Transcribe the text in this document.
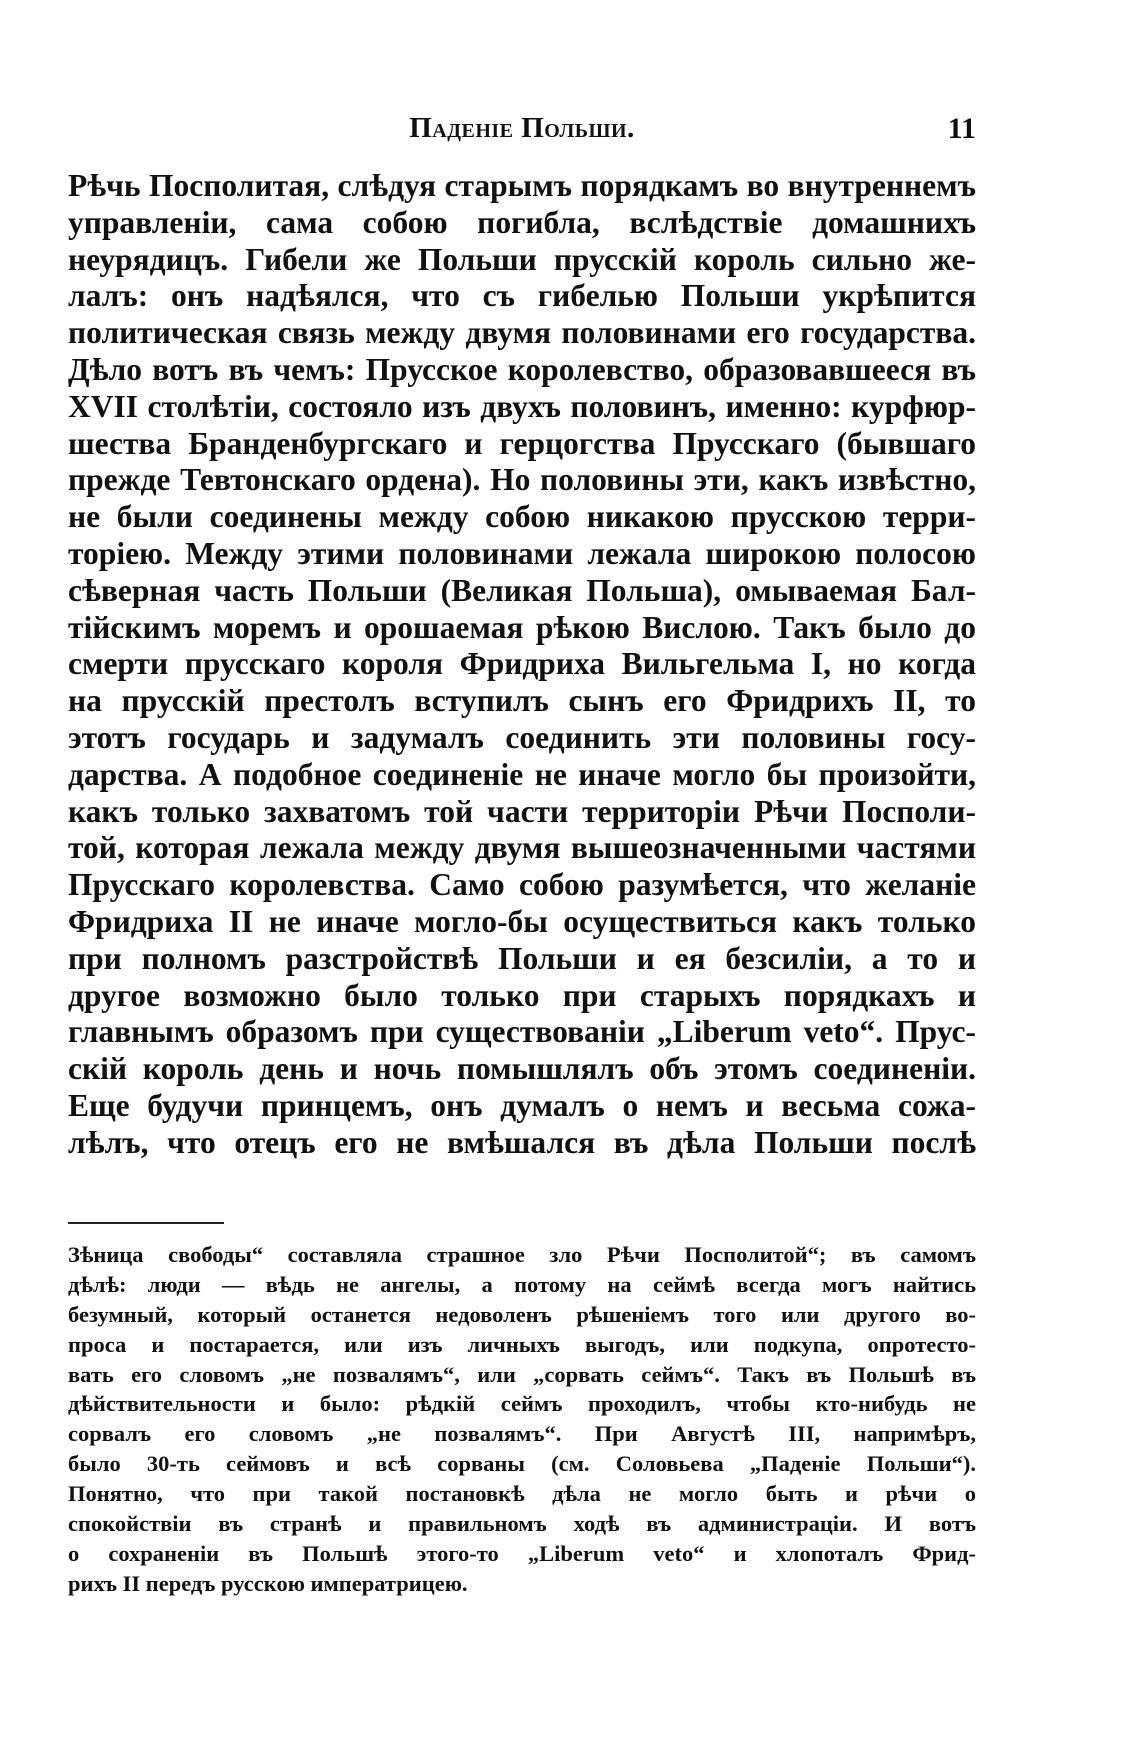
Паденіе Польши.	11
Рѣчь Посполитая, слѣдуя старымъ порядкамъ во внутреннемъ
управленіи, сама собою погибла, вслѣдствіе домашнихъ
неурядицъ. Гибели же Польши прусскій король сильно же-
лалъ: онъ надѣялся, что съ гибелью Польши укрѣпится
политическая связь между двумя половинами его государства.
Дѣло вотъ въ чемъ: Прусское королевство, образовавшееся въ
XVII столѣтіи, состояло изъ двухъ половинъ, именно: курфюр-
шества Бранденбургскаго и герцогства Прусскаго (бывшаго
прежде Тевтонскаго ордена). Но половины эти, какъ извѣстно,
не были соединены между собою никакою прусскою терри-
торіею. Между этими половинами лежала широкою полосою
сѣверная часть Польши (Великая Польша), омываемая Бал-
тійскимъ моремъ и орошаемая рѣкою Вислою. Такъ было до
смерти прусскаго короля Фридриха Вильгельма I, но когда
на прусскій престолъ вступилъ сынъ его Фридрихъ II, то
этотъ государь и задумалъ соединить эти половины госу-
дарства. А подобное соединеніе не иначе могло бы произойти,
какъ только захватомъ той части территоріи Рѣчи Посполи-
той, которая лежала между двумя вышеозначенными частями
Прусскаго королевства. Само собою разумѣется, что желаніе
Фридриха II не иначе могло-бы осуществиться какъ только
при полномъ разстройствѣ Польши и ея безсиліи, а то и
другое возможно было только при старыхъ порядкахъ и
главнымъ образомъ при существованіи „Liberum veto“. Прус-
скій король день и ночь помышлялъ объ этомъ соединеніи.
Еще будучи принцемъ, онъ думалъ о немъ и весьма сожа-
лѣлъ, что отецъ его не вмѣшался въ дѣла Польши послѣ
Зѣница свободы“ составляла страшное зло Рѣчи Посполитой“; въ самомъ
дѣлѣ: люди — вѣдь не ангелы, а потому на сеймѣ всегда могъ найтись
безумный, который останется недоволенъ рѣшеніемъ того или другого во-
проса и постарается, или изъ личныхъ выгодъ, или подкупа, опротесто-
вать его словомъ „не позвалямъ“, или „сорвать сеймъ“. Такъ въ Польшѣ въ
дѣйствительности и было: рѣдкій сеймъ проходилъ, чтобы кто-нибудь не
сорвалъ его словомъ „не позвалямъ“. При Августѣ III, напримѣръ,
было 30-ть сеймовъ и всѣ сорваны (см. Соловьева „Паденіе Польши“).
Понятно, что при такой постановкѣ дѣла не могло быть и рѣчи о
спокойствіи въ странѣ и правильномъ ходѣ въ администраціи. И вотъ
о сохраненіи въ Польшѣ этого-то „Liberum veto“ и хлопоталъ Фрид-
рихъ II передъ русскою императрицею.
